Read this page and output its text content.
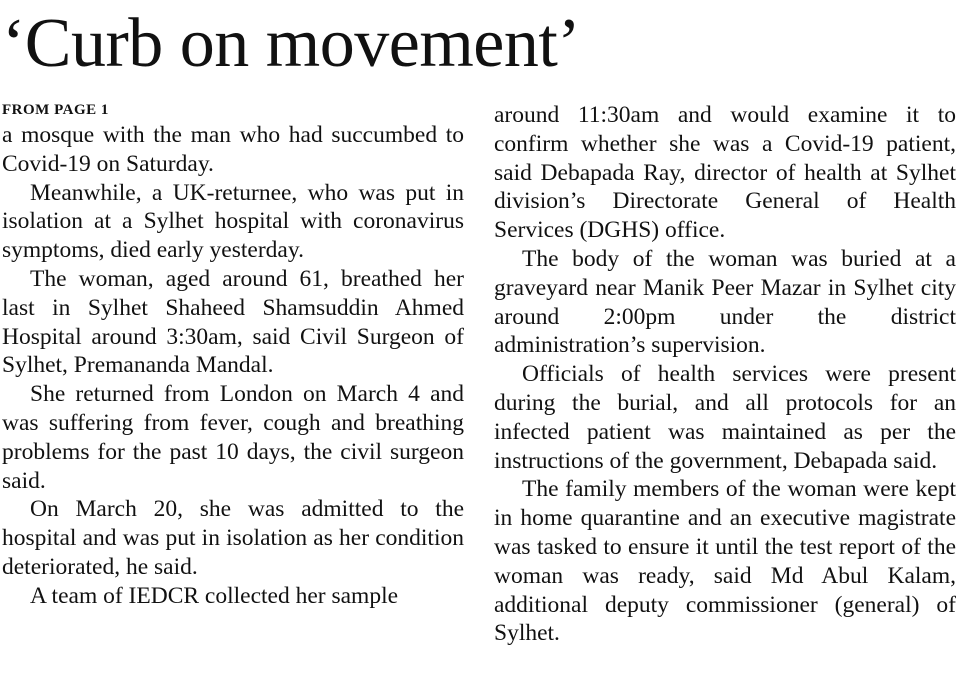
‘Curb on movement’
FROM PAGE 1

a mosque with the man who had succumbed to Covid-19 on Saturday.

Meanwhile, a UK-returnee, who was put in isolation at a Sylhet hospital with coronavirus symptoms, died early yesterday.

The woman, aged around 61, breathed her last in Sylhet Shaheed Shamsuddin Ahmed Hospital around 3:30am, said Civil Surgeon of Sylhet, Premananda Mandal.

She returned from London on March 4 and was suffering from fever, cough and breathing problems for the past 10 days, the civil surgeon said.

On March 20, she was admitted to the hospital and was put in isolation as her condition deteriorated, he said.

A team of IEDCR collected her sample

around 11:30am and would examine it to confirm whether she was a Covid-19 patient, said Debapada Ray, director of health at Sylhet division’s Directorate General of Health Services (DGHS) office.

The body of the woman was buried at a graveyard near Manik Peer Mazar in Sylhet city around 2:00pm under the district administration’s supervision.

Officials of health services were present during the burial, and all protocols for an infected patient was maintained as per the instructions of the government, Debapada said.

The family members of the woman were kept in home quarantine and an executive magistrate was tasked to ensure it until the test report of the woman was ready, said Md Abul Kalam, additional deputy commissioner (general) of Sylhet.
